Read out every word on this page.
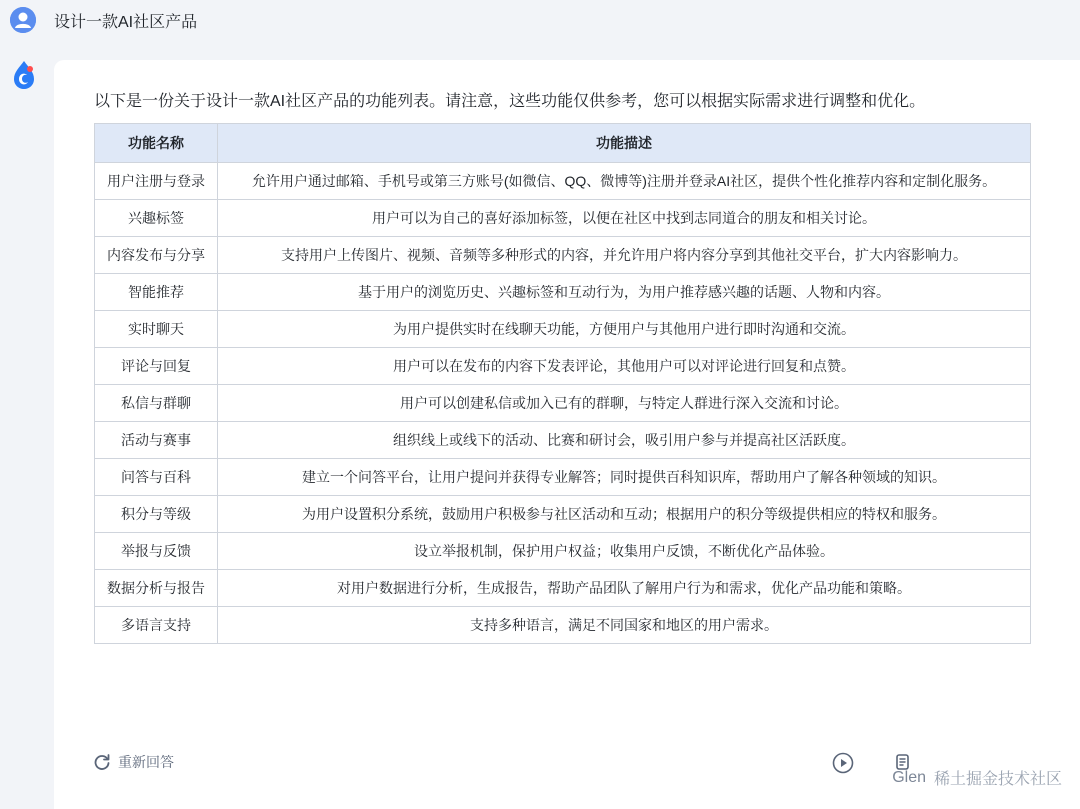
设计一款AI社区产品
以下是一份关于设计一款AI社区产品的功能列表。请注意，这些功能仅供参考，您可以根据实际需求进行调整和优化。
功能名称	功能描述
用户注册与登录	允许用户通过邮箱、手机号或第三方账号(如微信、QQ、微博等)注册并登录AI社区，提供个性化推荐内容和定制化服务。
兴趣标签	用户可以为自己的喜好添加标签，以便在社区中找到志同道合的朋友和相关讨论。
内容发布与分享	支持用户上传图片、视频、音频等多种形式的内容，并允许用户将内容分享到其他社交平台，扩大内容影响力。
智能推荐	基于用户的浏览历史、兴趣标签和互动行为，为用户推荐感兴趣的话题、人物和内容。
实时聊天	为用户提供实时在线聊天功能，方便用户与其他用户进行即时沟通和交流。
评论与回复	用户可以在发布的内容下发表评论，其他用户可以对评论进行回复和点赞。
私信与群聊	用户可以创建私信或加入已有的群聊，与特定人群进行深入交流和讨论。
活动与赛事	组织线上或线下的活动、比赛和研讨会，吸引用户参与并提高社区活跃度。
问答与百科	建立一个问答平台，让用户提问并获得专业解答；同时提供百科知识库，帮助用户了解各种领域的知识。
积分与等级	为用户设置积分系统，鼓励用户积极参与社区活动和互动；根据用户的积分等级提供相应的特权和服务。
举报与反馈	设立举报机制，保护用户权益；收集用户反馈，不断优化产品体验。
数据分析与报告	对用户数据进行分析，生成报告，帮助产品团队了解用户行为和需求，优化产品功能和策略。
多语言支持	支持多种语言，满足不同国家和地区的用户需求。
重新回答
Glen 稀土掘金技术社区
